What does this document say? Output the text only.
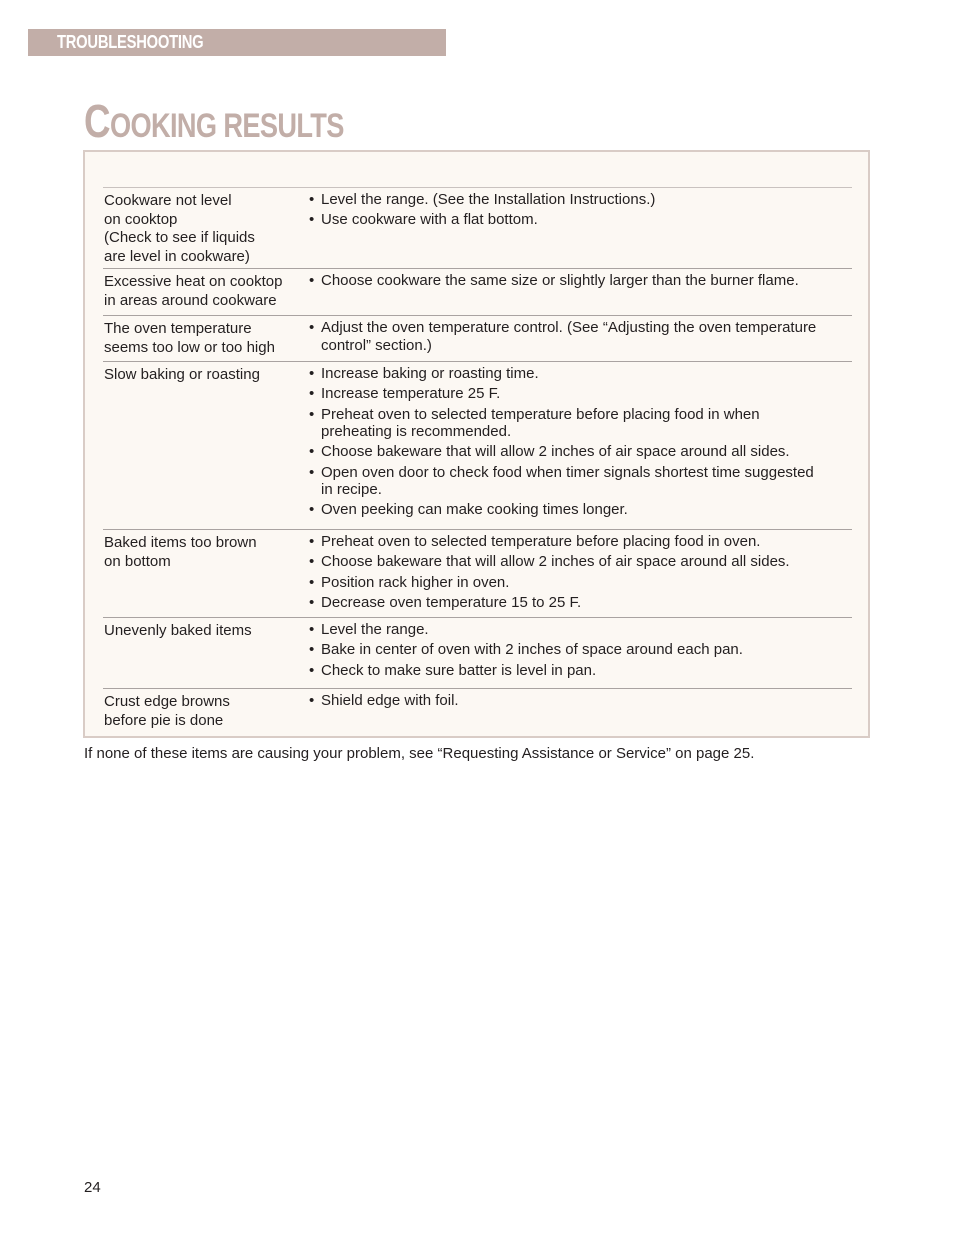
TROUBLESHOOTING
COOKING RESULTS
Cookware not level
on cooktop
(Check to see if liquids
are level in cookware)
• Level the range. (See the Installation Instructions.)
• Use cookware with a flat bottom.
Excessive heat on cooktop
in areas around cookware
• Choose cookware the same size or slightly larger than the burner flame.
The oven temperature
seems too low or too high
• Adjust the oven temperature control. (See “Adjusting the oven temperature
control” section.)
Slow baking or roasting	• Increase baking or roasting time.
• Increase temperature 25 F.
• Preheat oven to selected temperature before placing food in when
preheating is recommended.
• Choose bakeware that will allow 2 inches of air space around all sides.
• Open oven door to check food when timer signals shortest time suggested
in recipe.
• Oven peeking can make cooking times longer.
Baked items too brown
on bottom
• Preheat oven to selected temperature before placing food in oven.
• Choose bakeware that will allow 2 inches of air space around all sides.
• Position rack higher in oven.
• Decrease oven temperature 15 to 25 F.
Unevenly baked items	• Level the range.
• Bake in center of oven with 2 inches of space around each pan.
• Check to make sure batter is level in pan.
Crust edge browns
before pie is done
• Shield edge with foil.
If none of these items are causing your problem, see “Requesting Assistance or Service” on page 25.
24
